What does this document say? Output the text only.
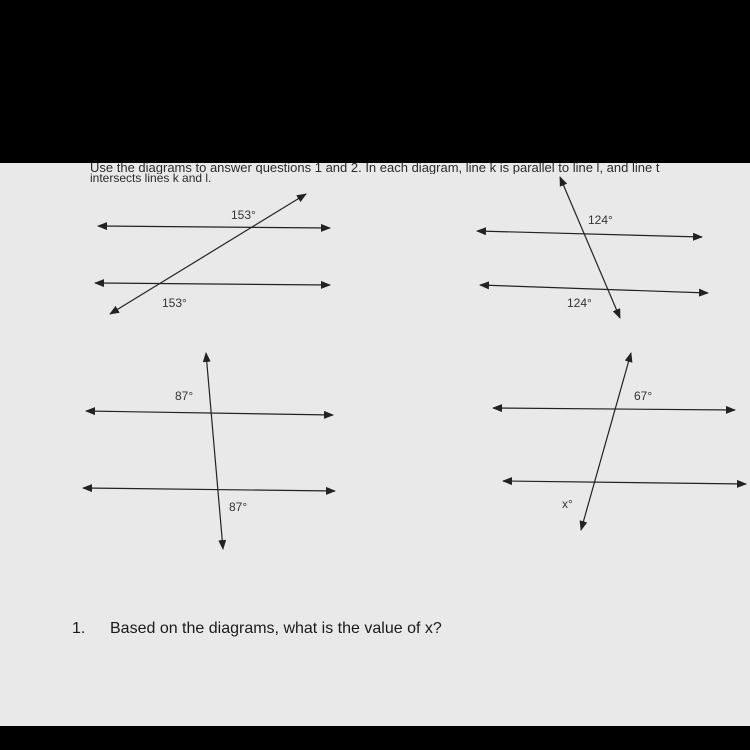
Use the diagrams to answer questions 1 and 2. In each diagram, line k is parallel to line l, and line t
intersects lines k and l.
153°
153°
124°
124°
87°
87°
67°
x°
1. Based on the diagrams, what is the value of x?
